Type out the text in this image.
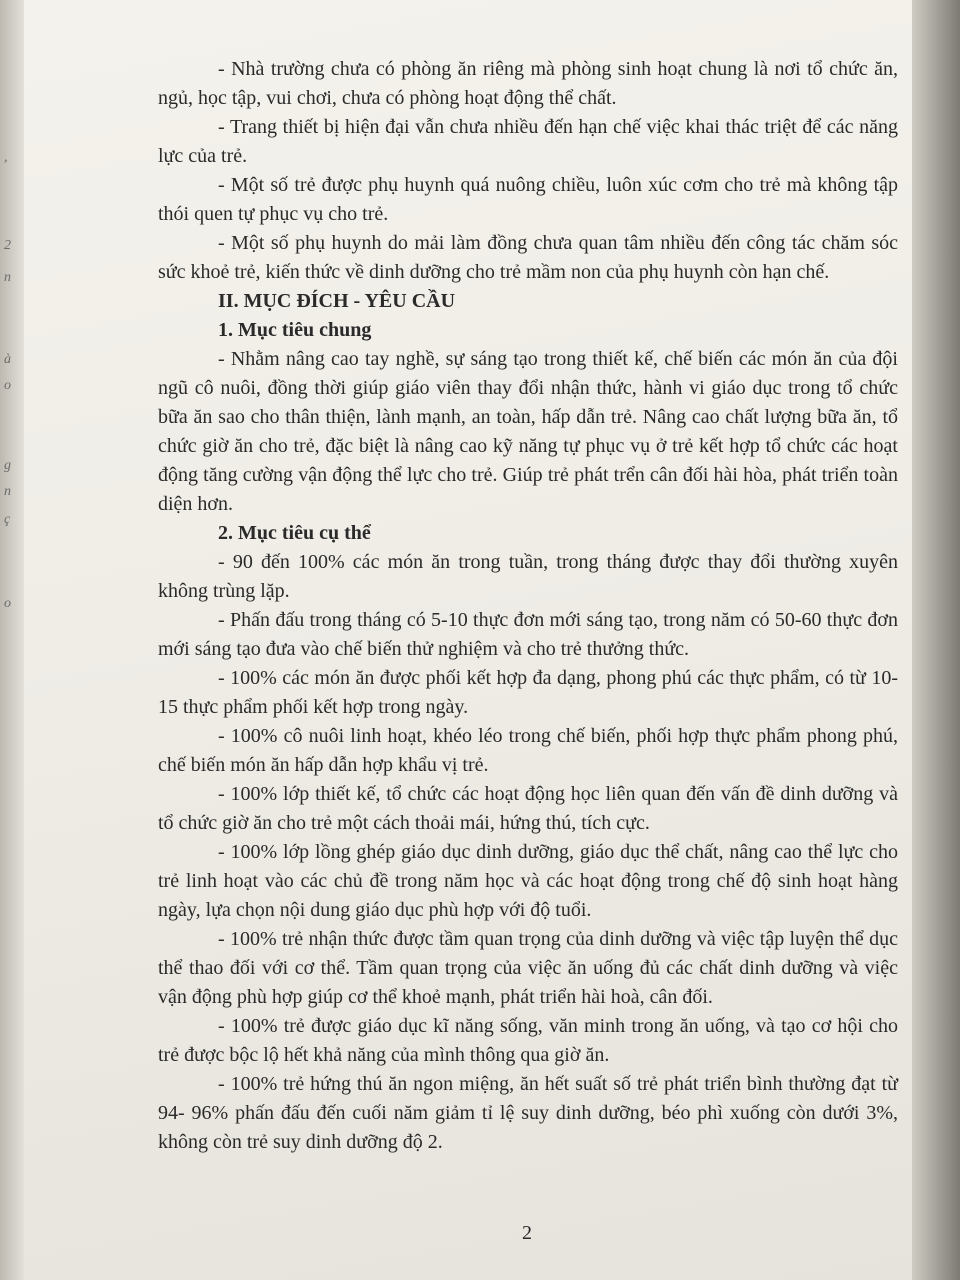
,
2
n
à
o
g
n
ç
o

- Nhà trường chưa có phòng ăn riêng mà phòng sinh hoạt chung là nơi tổ chức ăn, ngủ, học tập, vui chơi, chưa có phòng hoạt động thể chất.

- Trang thiết bị hiện đại vẫn chưa nhiều đến hạn chế việc khai thác triệt để các năng lực của trẻ.

- Một số trẻ được phụ huynh quá nuông chiều, luôn xúc cơm cho trẻ mà không tập thói quen tự phục vụ cho trẻ.

- Một số phụ huynh do mải làm đồng chưa quan tâm nhiều đến công tác chăm sóc sức khoẻ trẻ, kiến thức về dinh dưỡng cho trẻ mầm non của phụ huynh còn hạn chế.

II. MỤC ĐÍCH - YÊU CẦU

1. Mục tiêu chung

- Nhằm nâng cao tay nghề, sự sáng tạo trong thiết kế, chế biến các món ăn của đội ngũ cô nuôi, đồng thời giúp giáo viên thay đổi nhận thức, hành vi giáo dục trong tổ chức bữa ăn sao cho thân thiện, lành mạnh, an toàn, hấp dẫn trẻ. Nâng cao chất lượng bữa ăn, tổ chức giờ ăn cho trẻ, đặc biệt là nâng cao kỹ năng tự phục vụ ở trẻ kết hợp tổ chức các hoạt động tăng cường vận động thể lực cho trẻ. Giúp trẻ phát trển cân đối hài hòa, phát triển toàn diện hơn.

2. Mục tiêu cụ thể

- 90 đến 100% các món ăn trong tuần, trong tháng được thay đổi thường xuyên không trùng lặp.

- Phấn đấu trong tháng có 5-10 thực đơn mới sáng tạo, trong năm có 50-60 thực đơn mới sáng tạo đưa vào chế biến thử nghiệm và cho trẻ thưởng thức.

- 100% các món ăn được phối kết hợp đa dạng, phong phú các thực phẩm, có từ 10-15 thực phẩm phối kết hợp trong ngày.

- 100% cô nuôi linh hoạt, khéo léo trong chế biến, phối hợp thực phẩm phong phú, chế biến món ăn hấp dẫn hợp khẩu vị trẻ.

- 100% lớp thiết kế, tổ chức các hoạt động học liên quan đến vấn đề dinh dưỡng và tổ chức giờ ăn cho trẻ một cách thoải mái, hứng thú, tích cực.

- 100% lớp lồng ghép giáo dục dinh dưỡng, giáo dục thể chất, nâng cao thể lực cho trẻ linh hoạt vào các chủ đề trong năm học và các hoạt động trong chế độ sinh hoạt hàng ngày, lựa chọn nội dung giáo dục phù hợp với độ tuổi.

- 100% trẻ nhận thức được tầm quan trọng của dinh dưỡng và việc tập luyện thể dục thể thao đối với cơ thể. Tầm quan trọng của việc ăn uống đủ các chất dinh dưỡng và việc vận động phù hợp giúp cơ thể khoẻ mạnh, phát triển hài hoà, cân đối.

- 100% trẻ được giáo dục kĩ năng sống, văn minh trong ăn uống, và tạo cơ hội cho trẻ được bộc lộ hết khả năng của mình thông qua giờ ăn.

- 100% trẻ hứng thú ăn ngon miệng, ăn hết suất số trẻ phát triển bình thường đạt từ 94- 96% phấn đấu đến cuối năm giảm tỉ lệ suy dinh dưỡng, béo phì xuống còn dưới 3%, không còn trẻ suy dinh dưỡng độ 2.

2
